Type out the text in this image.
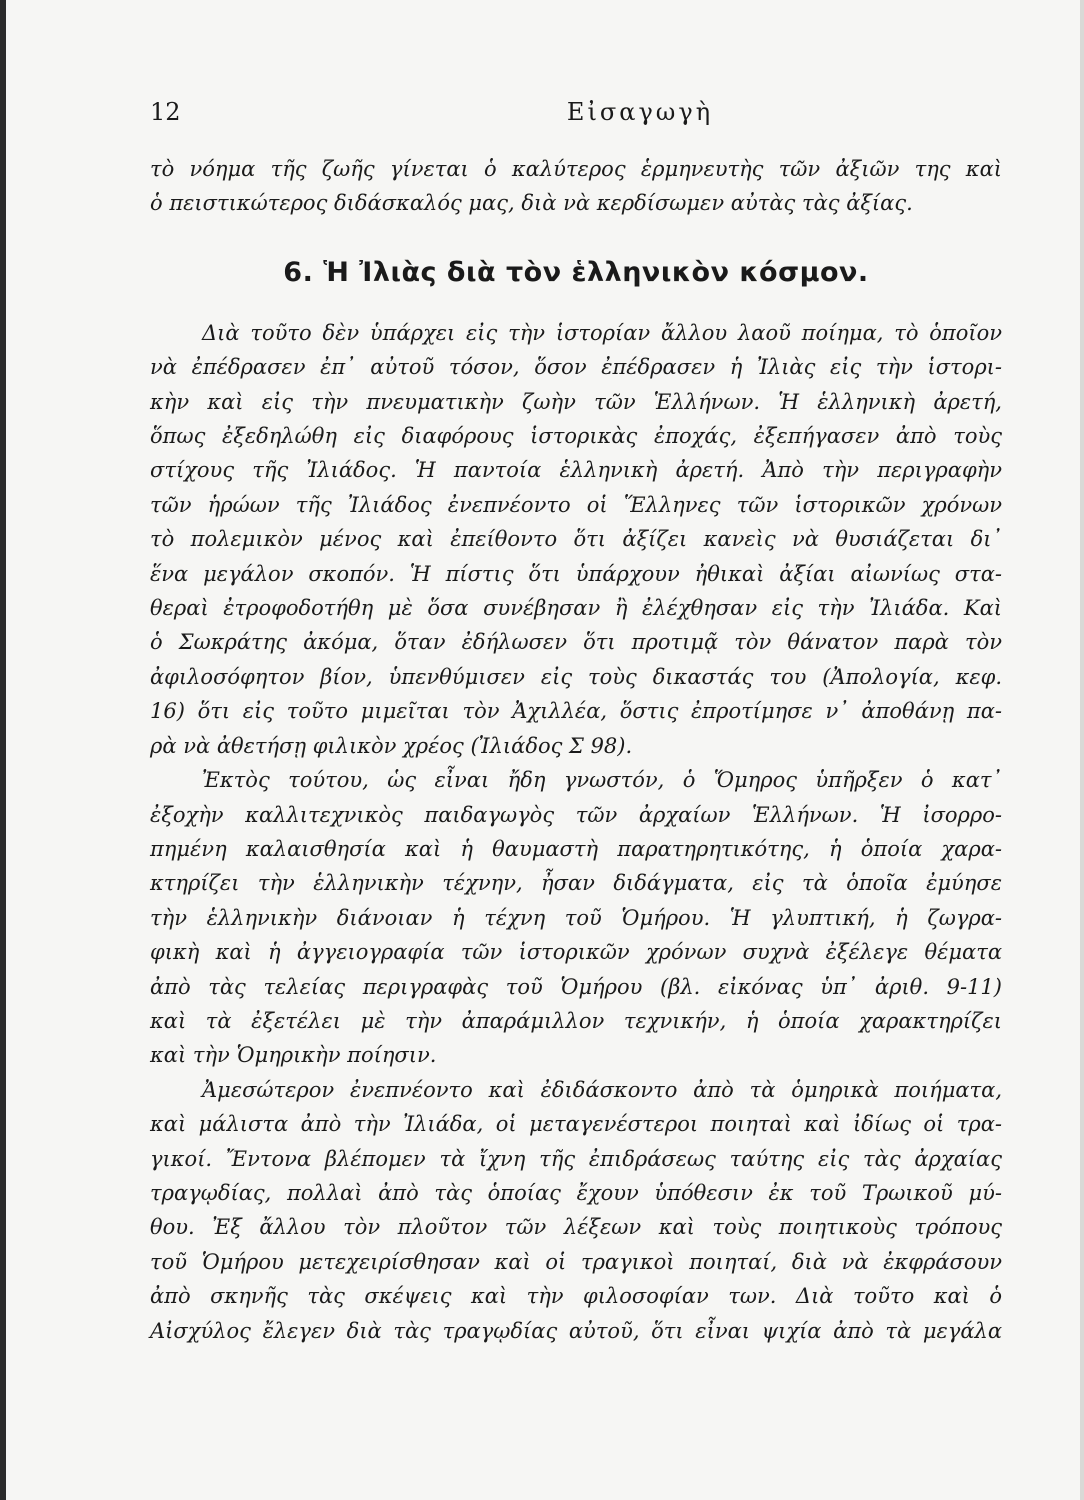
12	Εἰσαγωγὴ

τὸ νόημα τῆς ζωῆς γίνεται ὁ καλύτερος ἑρμηνευτὴς τῶν ἀξιῶν της καὶ
ὁ πειστικώτερος διδάσκαλός μας, διὰ νὰ κερδίσωμεν αὐτὰς τὰς ἀξίας.

6. Ἡ Ἰλιὰς διὰ τὸν ἑλληνικὸν κόσμον.

Διὰ τοῦτο δὲν ὑπάρχει εἰς τὴν ἱστορίαν ἄλλου λαοῦ ποίημα, τὸ ὁποῖον
νὰ ἐπέδρασεν ἐπ᾽ αὐτοῦ τόσον, ὅσον ἐπέδρασεν ἡ Ἰλιὰς εἰς τὴν ἱστορι-
κὴν καὶ εἰς τὴν πνευματικὴν ζωὴν τῶν Ἑλλήνων. Ἡ ἑλληνικὴ ἀρετή,
ὅπως ἐξεδηλώθη εἰς διαφόρους ἱστορικὰς ἐποχάς, ἐξεπήγασεν ἀπὸ τοὺς
στίχους τῆς Ἰλιάδος. Ἡ παντοία ἑλληνικὴ ἀρετή. Ἀπὸ τὴν περιγραφὴν
τῶν ἡρώων τῆς Ἰλιάδος ἐνεπνέοντο οἱ Ἕλληνες τῶν ἱστορικῶν χρόνων
τὸ πολεμικὸν μένος καὶ ἐπείθοντο ὅτι ἀξίζει κανεὶς νὰ θυσιάζεται δι᾽
ἕνα μεγάλον σκοπόν. Ἡ πίστις ὅτι ὑπάρχουν ἠθικαὶ ἀξίαι αἰωνίως στα-
θεραὶ ἐτροφοδοτήθη μὲ ὅσα συνέβησαν ἢ ἐλέχθησαν εἰς τὴν Ἰλιάδα. Καὶ
ὁ Σωκράτης ἀκόμα, ὅταν ἐδήλωσεν ὅτι προτιμᾷ τὸν θάνατον παρὰ τὸν
ἀφιλοσόφητον βίον, ὑπενθύμισεν εἰς τοὺς δικαστάς του (Ἀπολογία, κεφ.
16) ὅτι εἰς τοῦτο μιμεῖται τὸν Ἀχιλλέα, ὅστις ἐπροτίμησε ν᾽ ἀποθάνῃ πα-
ρὰ νὰ ἀθετήσῃ φιλικὸν χρέος (Ἰλιάδος Σ 98).

Ἐκτὸς τούτου, ὡς εἶναι ἤδη γνωστόν, ὁ Ὅμηρος ὑπῆρξεν ὁ κατ᾽
ἐξοχὴν καλλιτεχνικὸς παιδαγωγὸς τῶν ἀρχαίων Ἑλλήνων. Ἡ ἰσορρο-
πημένη καλαισθησία καὶ ἡ θαυμαστὴ παρατηρητικότης, ἡ ὁποία χαρα-
κτηρίζει τὴν ἑλληνικὴν τέχνην, ἦσαν διδάγματα, εἰς τὰ ὁποῖα ἐμύησε
τὴν ἑλληνικὴν διάνοιαν ἡ τέχνη τοῦ Ὁμήρου. Ἡ γλυπτική, ἡ ζωγρα-
φικὴ καὶ ἡ ἀγγειογραφία τῶν ἱστορικῶν χρόνων συχνὰ ἐξέλεγε θέματα
ἀπὸ τὰς τελείας περιγραφὰς τοῦ Ὁμήρου (βλ. εἰκόνας ὑπ᾽ ἀριθ. 9-11)
καὶ τὰ ἐξετέλει μὲ τὴν ἀπαράμιλλον τεχνικήν, ἡ ὁποία χαρακτηρίζει
καὶ τὴν Ὁμηρικὴν ποίησιν.

Ἀμεσώτερον ἐνεπνέοντο καὶ ἐδιδάσκοντο ἀπὸ τὰ ὁμηρικὰ ποιήματα,
καὶ μάλιστα ἀπὸ τὴν Ἰλιάδα, οἱ μεταγενέστεροι ποιηταὶ καὶ ἰδίως οἱ τρα-
γικοί. Ἔντονα βλέπομεν τὰ ἴχνη τῆς ἐπιδράσεως ταύτης εἰς τὰς ἀρχαίας
τραγῳδίας, πολλαὶ ἀπὸ τὰς ὁποίας ἔχουν ὑπόθεσιν ἐκ τοῦ Τρωικοῦ μύ-
θου. Ἐξ ἄλλου τὸν πλοῦτον τῶν λέξεων καὶ τοὺς ποιητικοὺς τρόπους
τοῦ Ὁμήρου μετεχειρίσθησαν καὶ οἱ τραγικοὶ ποιηταί, διὰ νὰ ἐκφράσουν
ἀπὸ σκηνῆς τὰς σκέψεις καὶ τὴν φιλοσοφίαν των. Διὰ τοῦτο καὶ ὁ
Αἰσχύλος ἔλεγεν διὰ τὰς τραγῳδίας αὐτοῦ, ὅτι εἶναι ψιχία ἀπὸ τὰ μεγάλα
